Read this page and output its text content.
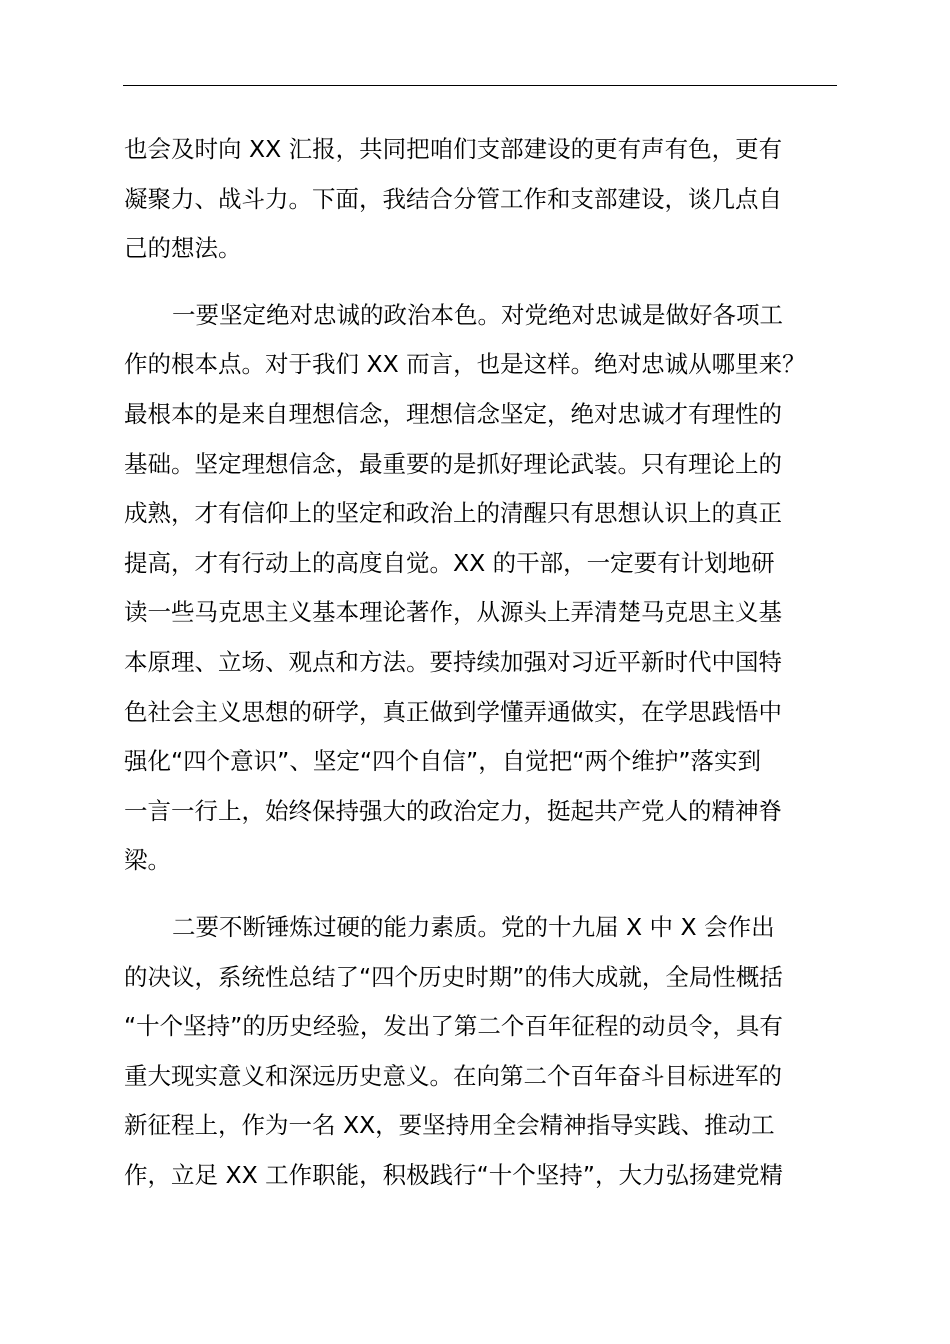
也会及时向 XX 汇报，共同把咱们支部建设的更有声有色，更有
凝聚力、战斗力。下面，我结合分管工作和支部建设，谈几点自
己的想法。

一要坚定绝对忠诚的政治本色。对党绝对忠诚是做好各项工
作的根本点。对于我们 XX 而言，也是这样。绝对忠诚从哪里来？
最根本的是来自理想信念，理想信念坚定，绝对忠诚才有理性的
基础。坚定理想信念，最重要的是抓好理论武装。只有理论上的
成熟，才有信仰上的坚定和政治上的清醒只有思想认识上的真正
提高，才有行动上的高度自觉。XX 的干部，一定要有计划地研
读一些马克思主义基本理论著作，从源头上弄清楚马克思主义基
本原理、立场、观点和方法。要持续加强对习近平新时代中国特
色社会主义思想的研学，真正做到学懂弄通做实，在学思践悟中
强化“四个意识”、坚定“四个自信”，自觉把“两个维护”落实到
一言一行上，始终保持强大的政治定力，挺起共产党人的精神脊
梁。

二要不断锤炼过硬的能力素质。党的十九届 X 中 X 会作出
的决议，系统性总结了“四个历史时期”的伟大成就，全局性概括
“十个坚持”的历史经验，发出了第二个百年征程的动员令，具有
重大现实意义和深远历史意义。在向第二个百年奋斗目标进军的
新征程上，作为一名 XX，要坚持用全会精神指导实践、推动工
作，立足 XX 工作职能，积极践行“十个坚持”，大力弘扬建党精
